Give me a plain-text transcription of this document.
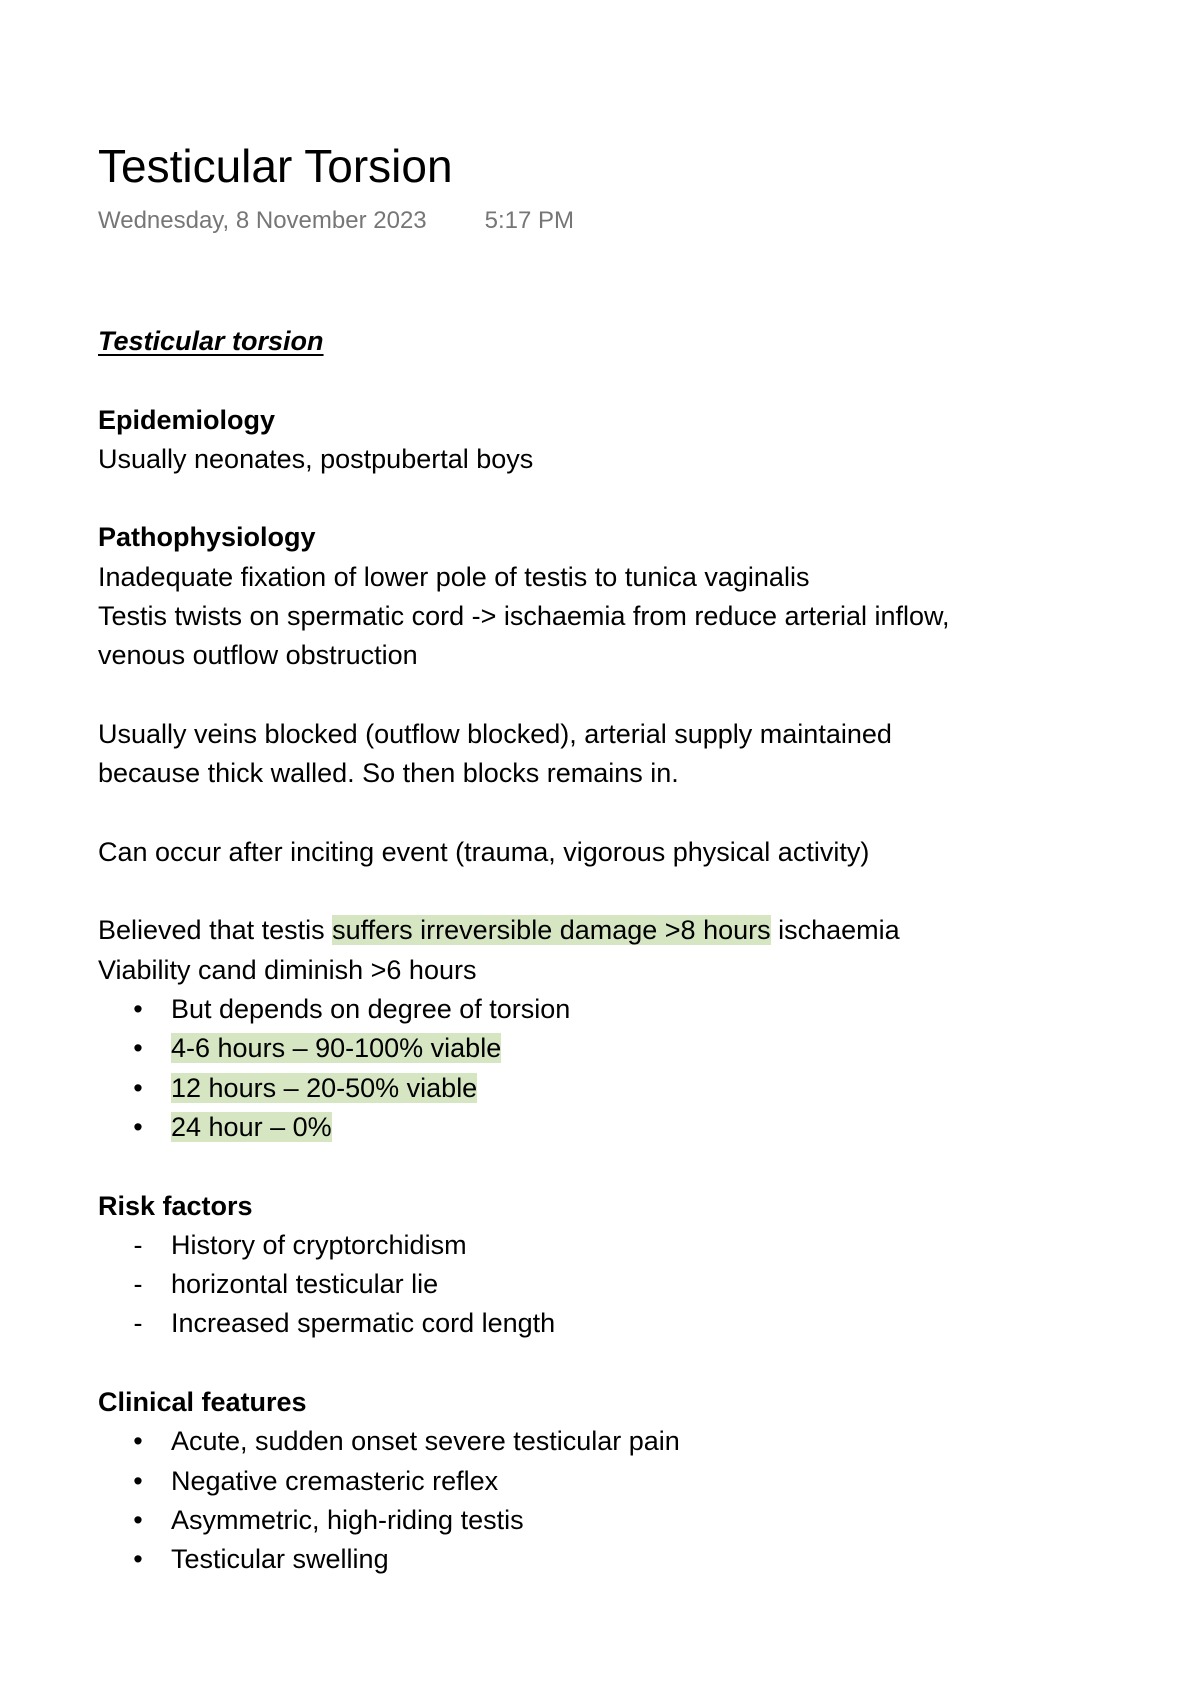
Testicular Torsion
Wednesday, 8 November 2023 5:17 PM
Testicular torsion
Epidemiology
Usually neonates, postpubertal boys
Pathophysiology
Inadequate fixation of lower pole of testis to tunica vaginalis
Testis twists on spermatic cord -> ischaemia from reduce arterial inflow,
venous outflow obstruction
Usually veins blocked (outflow blocked), arterial supply maintained
because thick walled. So then blocks remains in.
Can occur after inciting event (trauma, vigorous physical activity)
Believed that testis suffers irreversible damage >8 hours ischaemia
Viability cand diminish >6 hours
• But depends on degree of torsion
• 4-6 hours – 90-100% viable
• 12 hours – 20-50% viable
• 24 hour – 0%
Risk factors
- History of cryptorchidism
- horizontal testicular lie
- Increased spermatic cord length
Clinical features
• Acute, sudden onset severe testicular pain
• Negative cremasteric reflex
• Asymmetric, high-riding testis
• Testicular swelling
